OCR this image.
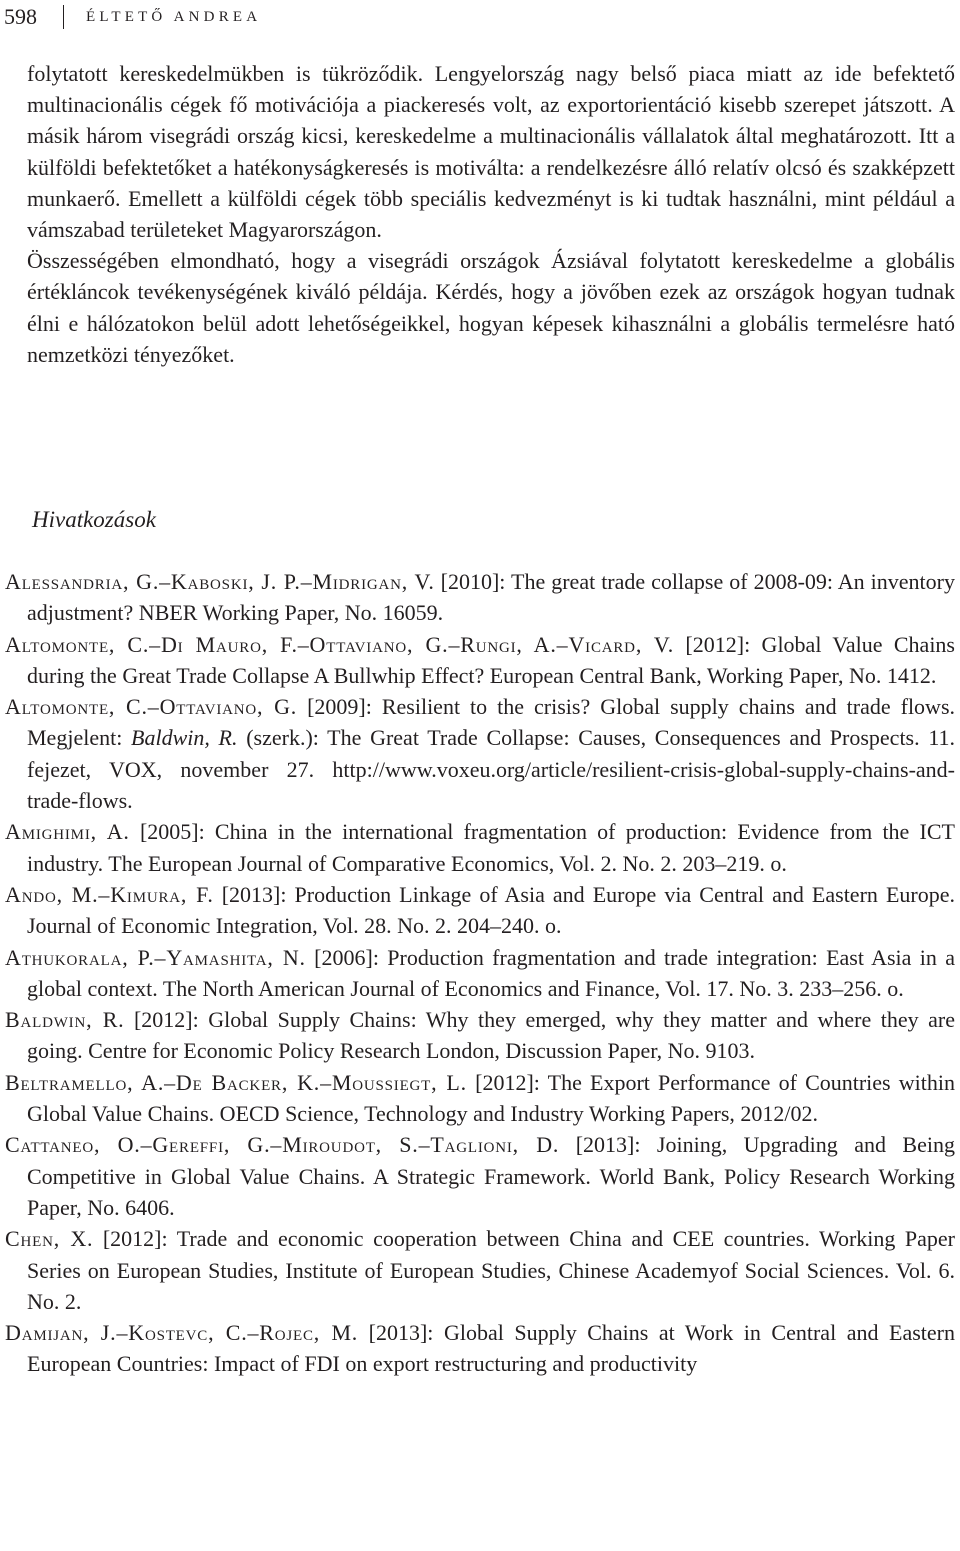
598	ÉLTETŐ ANDREA

folytatott kereskedelmükben is tükröződik. Lengyelország nagy belső piaca miatt az ide befektető multinacionális cégek fő motivációja a piackeresés volt, az exportorientáció kisebb szerepet játszott. A másik három visegrádi ország kicsi, kereskedelme a multinacionális vállalatok által meghatározott. Itt a külföldi befektetőket a hatékonyságkeresés is motiválta: a rendelkezésre álló relatív olcsó és szakképzett munkaerő. Emellett a külföldi cégek több speciális kedvezményt is ki tudtak használni, mint például a vámszabad területeket Magyarországon.

Összességében elmondható, hogy a visegrádi országok Ázsiával folytatott kereskedelme a globális értékláncok tevékenységének kiváló példája. Kérdés, hogy a jövőben ezek az országok hogyan tudnak élni e hálózatokon belül adott lehetőségeikkel, hogyan képesek kihasználni a globális termelésre ható nemzetközi tényezőket.

Hivatkozások
Alessandria, G.–Kaboski, J. P.–Midrigan, V. [2010]: The great trade collapse of 2008-09: An inventory adjustment? NBER Working Paper, No. 16059.
Altomonte, C.–Di Mauro, F.–Ottaviano, G.–Rungi, A.–Vicard, V. [2012]: Global Value Chains during the Great Trade Collapse A Bullwhip Effect? European Central Bank, Working Paper, No. 1412.
Altomonte, C.–Ottaviano, G. [2009]: Resilient to the crisis? Global supply chains and trade flows. Megjelent: Baldwin, R. (szerk.): The Great Trade Collapse: Causes, Consequences and Prospects. 11. fejezet, VOX, november 27. http://www.voxeu.org/article/resilient-crisis-global-supply-chains-and-trade-flows.
Amighimi, A. [2005]: China in the international fragmentation of production: Evidence from the ICT industry. The European Journal of Comparative Economics, Vol. 2. No. 2. 203–219. o.
Ando, M.–Kimura, F. [2013]: Production Linkage of Asia and Europe via Central and Eastern Europe. Journal of Economic Integration, Vol. 28. No. 2. 204–240. o.
Athukorala, P.–Yamashita, N. [2006]: Production fragmentation and trade integration: East Asia in a global context. The North American Journal of Economics and Finance, Vol. 17. No. 3. 233–256. o.
Baldwin, R. [2012]: Global Supply Chains: Why they emerged, why they matter and where they are going. Centre for Economic Policy Research London, Discussion Paper, No. 9103.
Beltramello, A.–De Backer, K.–Moussiegt, L. [2012]: The Export Performance of Countries within Global Value Chains. OECD Science, Technology and Industry Working Papers, 2012/02.
Cattaneo, O.–Gereffi, G.–Miroudot, S.–Taglioni, D. [2013]: Joining, Upgrading and Being Competitive in Global Value Chains. A Strategic Framework. World Bank, Policy Research Working Paper, No. 6406.
Chen, X. [2012]: Trade and economic cooperation between China and CEE countries. Working Paper Series on European Studies, Institute of European Studies, Chinese Academyof Social Sciences. Vol. 6. No. 2.
Damijan, J.–Kostevc, C.–Rojec, M. [2013]: Global Supply Chains at Work in Central and Eastern European Countries: Impact of FDI on export restructuring and productivity
